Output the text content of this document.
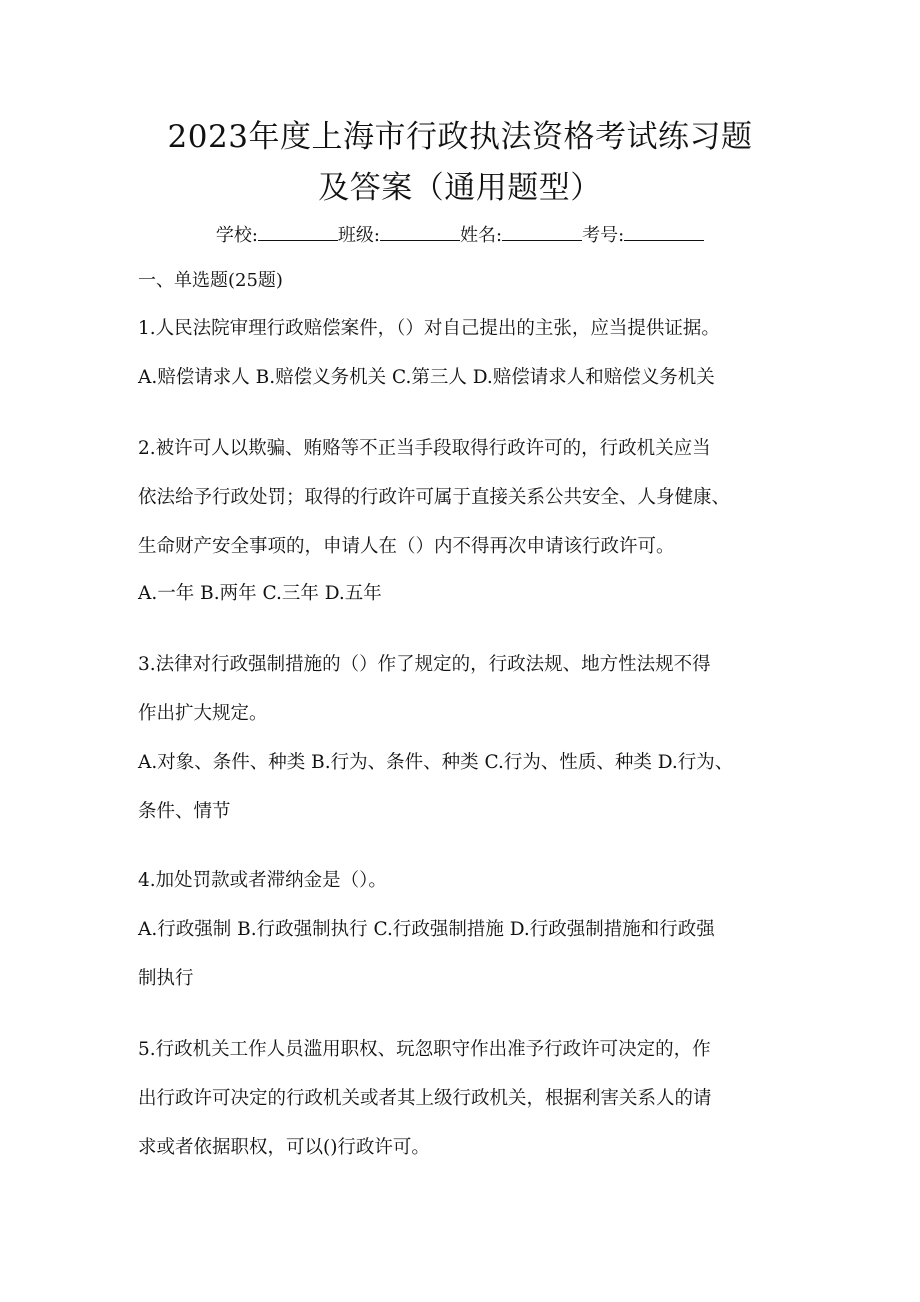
2023年度上海市行政执法资格考试练习题
及答案（通用题型）
学校:	班级:	姓名:	考号:
一、单选题(25题)
1.人民法院审理行政赔偿案件，（）对自己提出的主张，应当提供证据。
A.赔偿请求人 B.赔偿义务机关 C.第三人 D.赔偿请求人和赔偿义务机关
2.被许可人以欺骗、贿赂等不正当手段取得行政许可的，行政机关应当
依法给予行政处罚；取得的行政许可属于直接关系公共安全、人身健康、
生命财产安全事项的，申请人在（）内不得再次申请该行政许可。
A.一年 B.两年 C.三年 D.五年
3.法律对行政强制措施的（）作了规定的，行政法规、地方性法规不得
作出扩大规定。
A.对象、条件、种类 B.行为、条件、种类 C.行为、性质、种类 D.行为、
条件、情节
4.加处罚款或者滞纳金是（）。
A.行政强制 B.行政强制执行 C.行政强制措施 D.行政强制措施和行政强
制执行
5.行政机关工作人员滥用职权、玩忽职守作出准予行政许可决定的，作
出行政许可决定的行政机关或者其上级行政机关，根据利害关系人的请
求或者依据职权，可以()行政许可。
